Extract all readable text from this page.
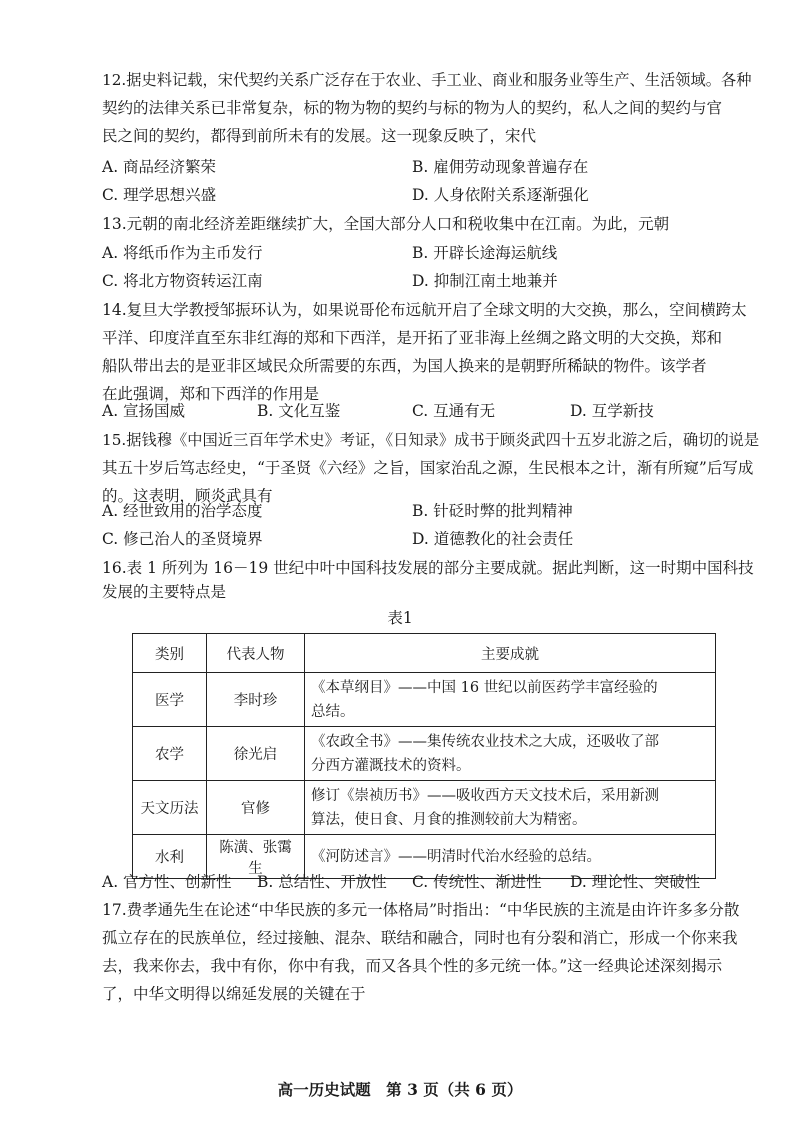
12.据史料记载，宋代契约关系广泛存在于农业、手工业、商业和服务业等生产、生活领域。各种
契约的法律关系已非常复杂，标的物为物的契约与标的物为人的契约，私人之间的契约与官
民之间的契约，都得到前所未有的发展。这一现象反映了，宋代
A. 商品经济繁荣	B. 雇佣劳动现象普遍存在
C. 理学思想兴盛	D. 人身依附关系逐渐强化
13.元朝的南北经济差距继续扩大，全国大部分人口和税收集中在江南。为此，元朝
A. 将纸币作为主币发行	B. 开辟长途海运航线
C. 将北方物资转运江南	D. 抑制江南土地兼并
14.复旦大学教授邹振环认为，如果说哥伦布远航开启了全球文明的大交换，那么，空间横跨太
平洋、印度洋直至东非红海的郑和下西洋，是开拓了亚非海上丝绸之路文明的大交换，郑和
船队带出去的是亚非区域民众所需要的东西，为国人换来的是朝野所稀缺的物件。该学者
在此强调，郑和下西洋的作用是
A. 宣扬国威	B. 文化互鉴	C. 互通有无	D. 互学新技
15.据钱穆《中国近三百年学术史》考证，《日知录》成书于顾炎武四十五岁北游之后，确切的说是
其五十岁后笃志经史，“于圣贤《六经》之旨，国家治乱之源，生民根本之计，渐有所窥”后写成
的。这表明，顾炎武具有
A. 经世致用的治学态度	B. 针砭时弊的批判精神
C. 修己治人的圣贤境界	D. 道德教化的社会责任
16.表 1 所列为 16－19 世纪中叶中国科技发展的部分主要成就。据此判断，这一时期中国科技
发展的主要特点是
表1
类别	代表人物	主要成就
医学	李时珍	《本草纲目》——中国 16 世纪以前医药学丰富经验的
总结。

农学	徐光启	《农政全书》——集传统农业技术之大成，还吸收了部
分西方灌溉技术的资料。

天文历法	官修	修订《崇祯历书》——吸收西方天文技术后，采用新测
算法，使日食、月食的推测较前大为精密。

水利	陈潢、张霭生	《河防述言》——明清时代治水经验的总结。
A. 官方性、创新性 B. 总结性、开放性 C. 传统性、渐进性 D. 理论性、突破性
17.费孝通先生在论述“中华民族的多元一体格局”时指出：“中华民族的主流是由许许多多分散
孤立存在的民族单位，经过接触、混杂、联结和融合，同时也有分裂和消亡，形成一个你来我
去，我来你去，我中有你，你中有我，而又各具个性的多元统一体。”这一经典论述深刻揭示
了，中华文明得以绵延发展的关键在于
高一历史试题　第 3 页（共 6 页）
